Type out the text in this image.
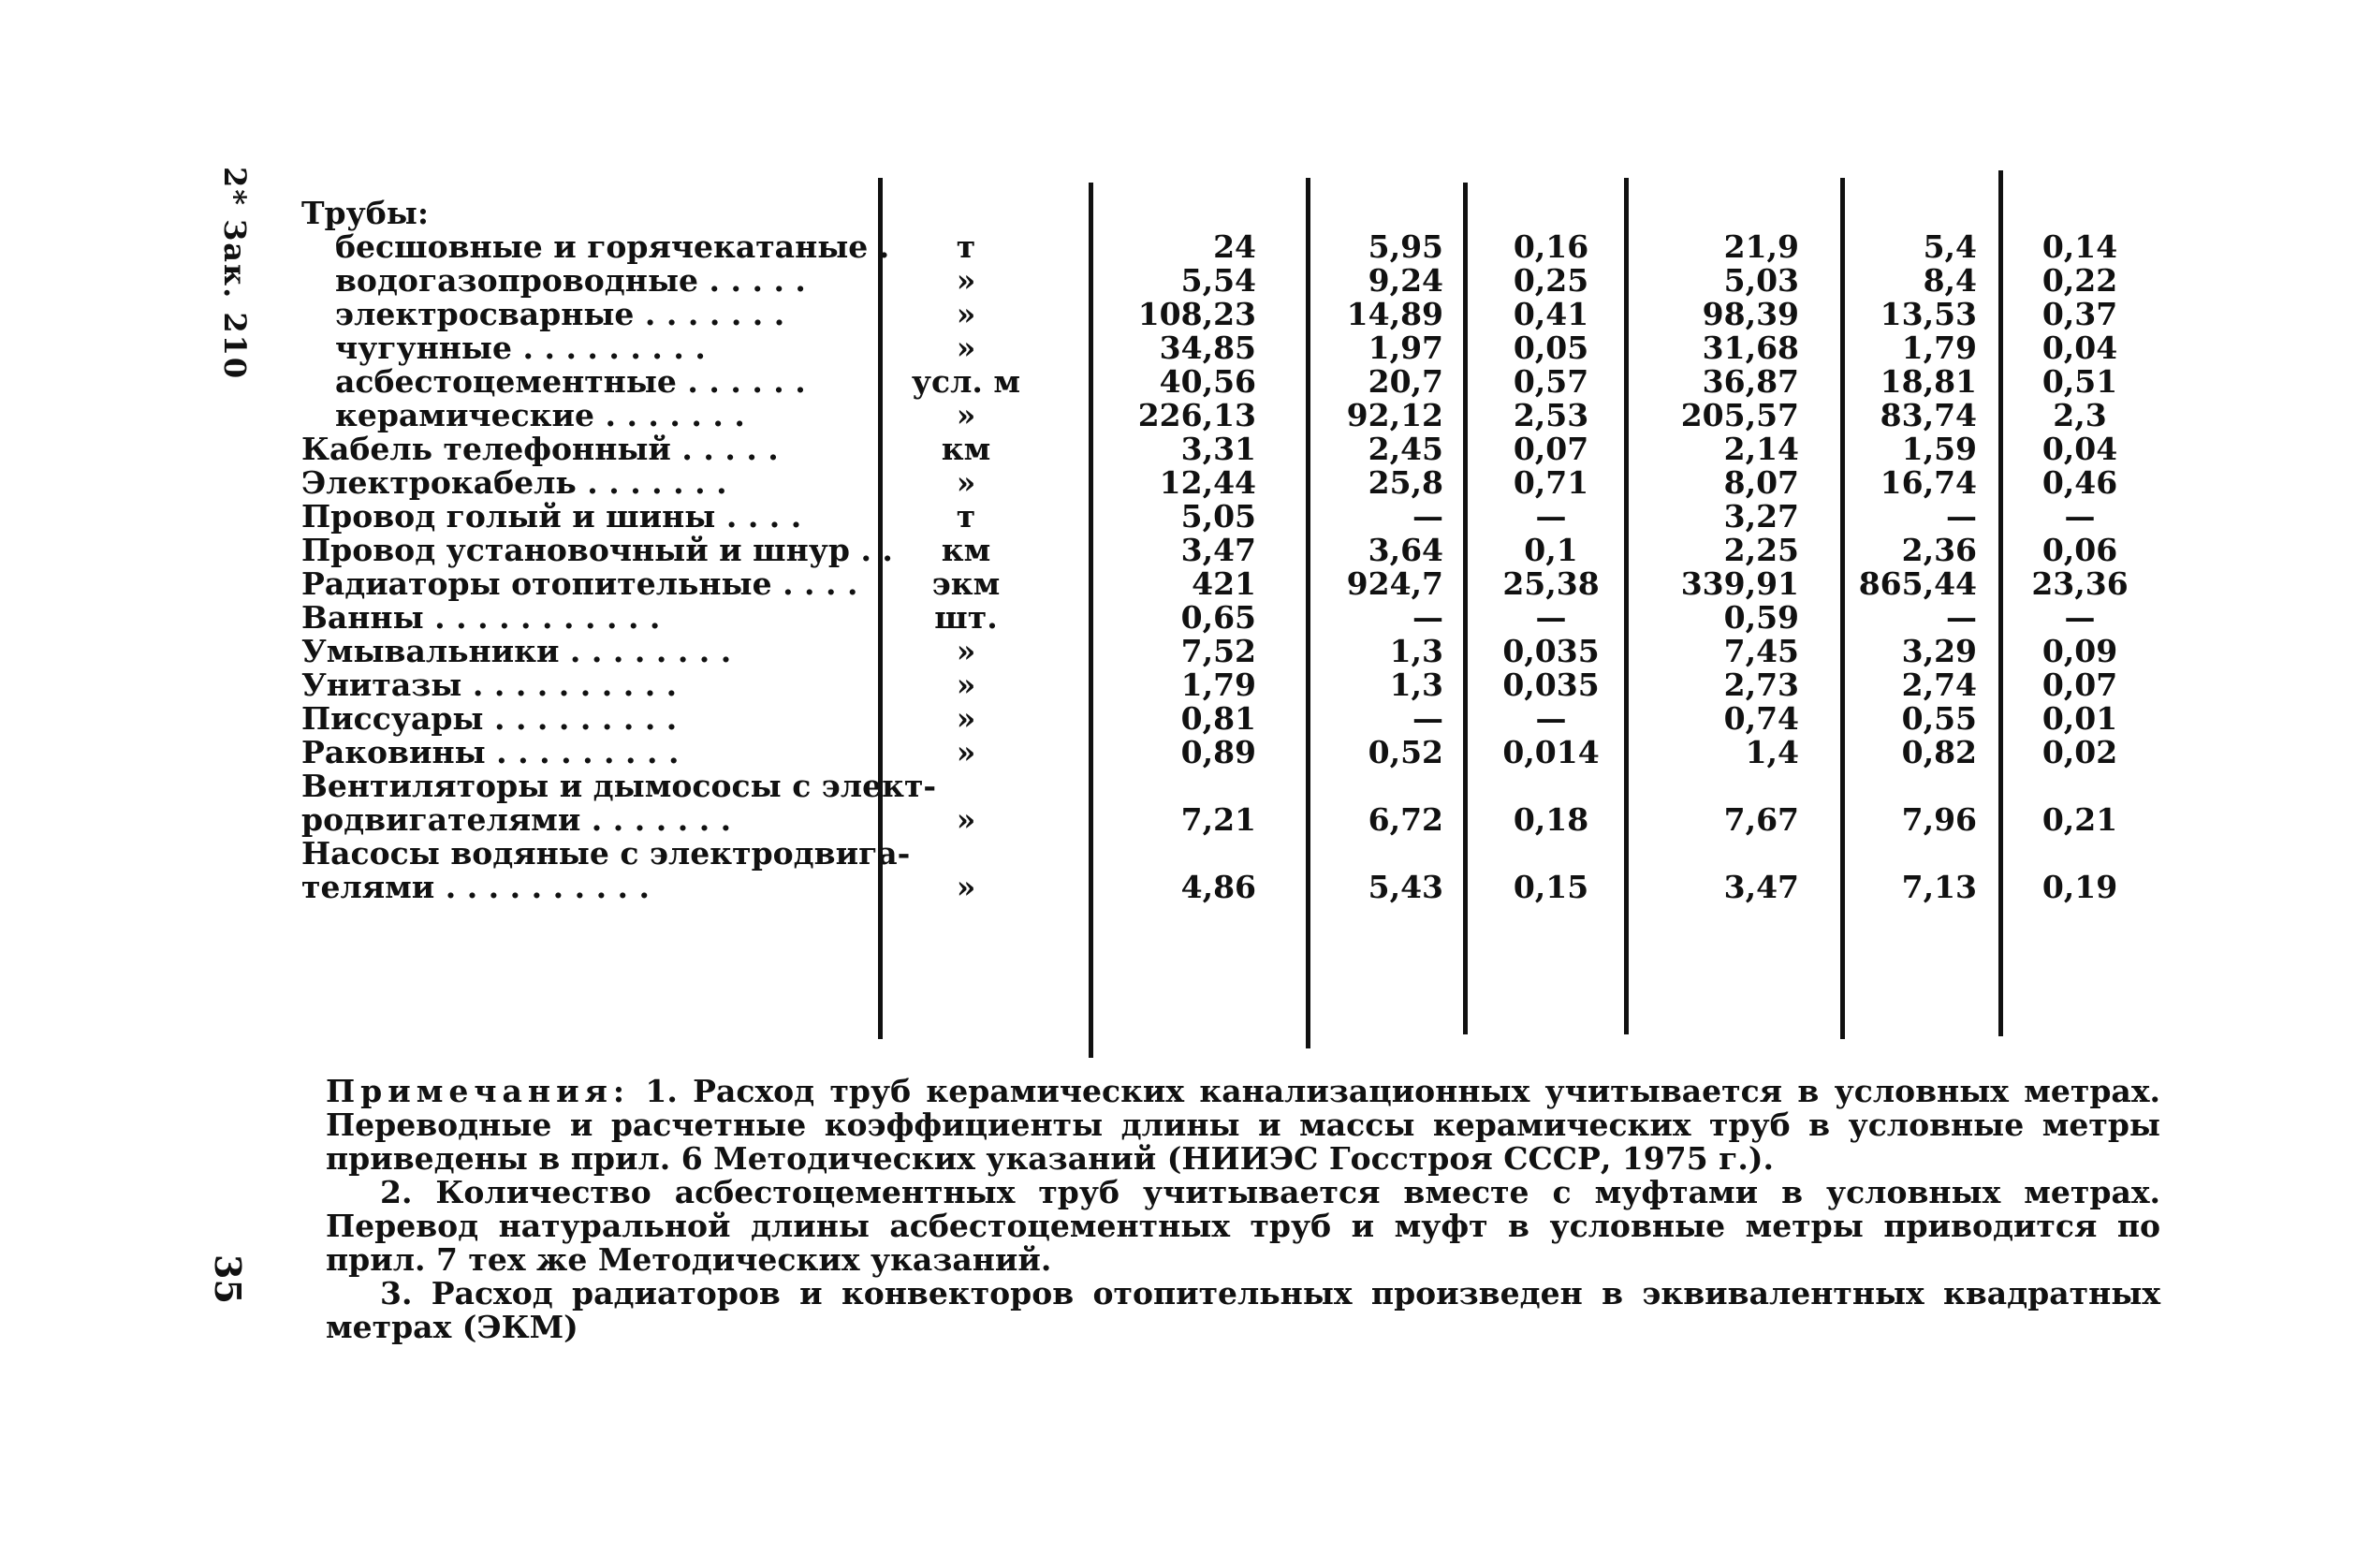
2* Зак. 210 Трубы:
бесшовные и горячекатаные .	т	24	5,95	0,16	21,9	5,4	0,14
водогазопроводные . . . . .	»	5,54	9,24	0,25	5,03	8,4	0,22
электросварные . . . . . . .	»	108,23	14,89	0,41	98,39	13,53	0,37
чугунные . . . . . . . . .	»	34,85	1,97	0,05	31,68	1,79	0,04
асбестоцементные . . . . . .	усл. м	40,56	20,7	0,57	36,87	18,81	0,51
керамические . . . . . . .	»	226,13	92,12	2,53	205,57	83,74	2,3
Кабель телефонный . . . . .	км	3,31	2,45	0,07	2,14	1,59	0,04
Электрокабель . . . . . . .	»	12,44	25,8	0,71	8,07	16,74	0,46
Провод голый и шины . . . .	т	5,05	—	—	3,27	—	—
Провод установочный и шнур . .	км	3,47	3,64	0,1	2,25	2,36	0,06
Радиаторы отопительные . . . .	экм	421	924,7	25,38	339,91	865,44 23,36
Ванны . . . . . . . . . . .	шт.	0,65	—	—	0,59	—	—
Умывальники . . . . . . . .	»	7,52	1,3	0,035	7,45	3,29	0,09
Унитазы . . . . . . . . . .	»	1,79	1,3	0,035	2,73	2,74	0,07
Писсуары . . . . . . . . .	»	0,81	—	—	0,74	0,55	0,01
Раковины . . . . . . . . .	»	0,89	0,52	0,014	1,4	0,82	0,02
Вентиляторы и дымососы с элект-
родвигателями . . . . . . .	»	7,21	6,72	0,18	7,67	7,96	0,21
Насосы водяные с электродвига-
телями . . . . . . . . . .	»	4,86	5,43	0,15	3,47	7,13	0,19

Примечания: 1. Расход труб керамических канализационных учитывается в условных метрах. Переводные и расчетные коэффициенты длины и массы керамических труб в условные метры приведены в прил. 6 Методических указаний (НИИЭС Госстроя СССР, 1975 г.).

2. Количество асбестоцементных труб учитывается вместе с муфтами в условных метрах. Перевод натуральной длины асбестоцементных труб и муфт в условные метры приводится по прил. 7 тех же Методических указаний.

3. Расход радиаторов и конвекторов отопительных произведен в эквивалентных квадратных метрах (ЭКМ)

35
